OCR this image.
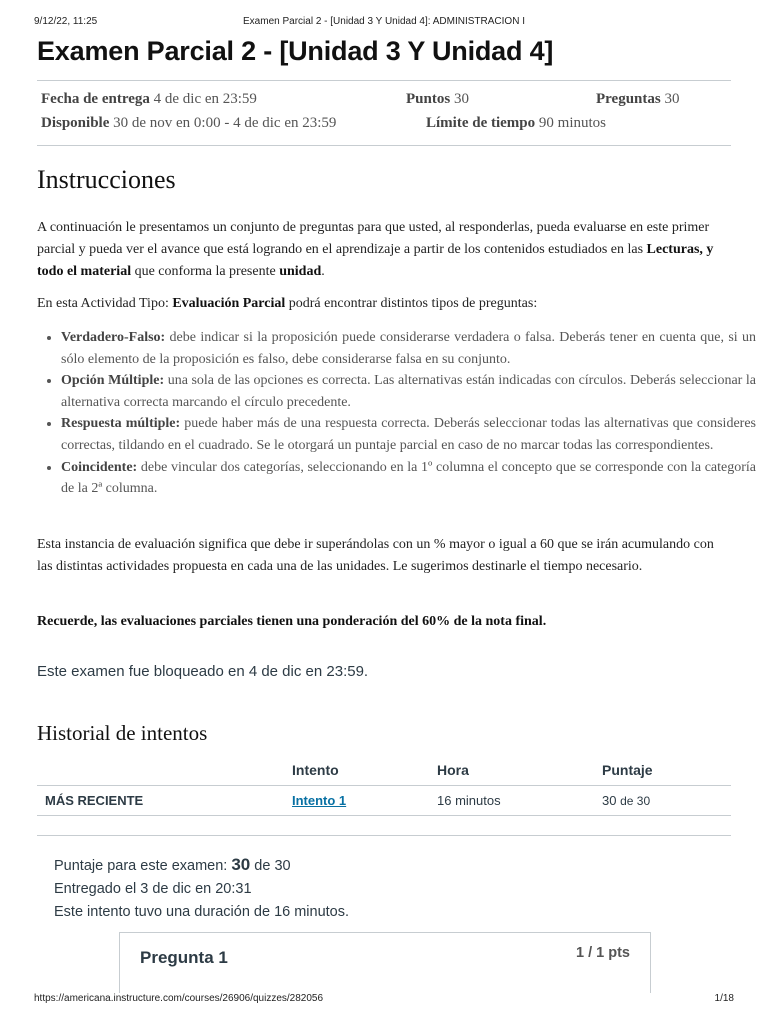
9/12/22, 11:25	Examen Parcial 2 - [Unidad 3 Y Unidad 4]: ADMINISTRACION I
Examen Parcial 2 - [Unidad 3 Y Unidad 4]
Fecha de entrega 4 de dic en 23:59	Puntos 30	Preguntas 30
Disponible 30 de nov en 0:00 - 4 de dic en 23:59	Límite de tiempo 90 minutos
Instrucciones

A continuación le presentamos un conjunto de preguntas para que usted, al responderlas, pueda evaluarse en este primer parcial y pueda ver el avance que está logrando en el aprendizaje a partir de los contenidos estudiados en las Lecturas, y todo el material que conforma la presente unidad.

En esta Actividad Tipo: Evaluación Parcial podrá encontrar distintos tipos de preguntas:

• Verdadero-Falso: debe indicar si la proposición puede considerarse verdadera o falsa. Deberás tener en cuenta que, si un sólo elemento de la proposición es falso, debe considerarse falsa en su conjunto.
• Opción Múltiple: una sola de las opciones es correcta. Las alternativas están indicadas con círculos. Deberás seleccionar la alternativa correcta marcando el círculo precedente.
• Respuesta múltiple: puede haber más de una respuesta correcta. Deberás seleccionar todas las alternativas que consideres correctas, tildando en el cuadrado. Se le otorgará un puntaje parcial en caso de no marcar todas las correspondientes.
• Coincidente: debe vincular dos categorías, seleccionando en la 1º columna el concepto que se corresponde con la categoría de la 2ª columna.

Esta instancia de evaluación significa que debe ir superándolas con un % mayor o igual a 60 que se irán acumulando con las distintas actividades propuesta en cada una de las unidades. Le sugerimos destinarle el tiempo necesario.

Recuerde, las evaluaciones parciales tienen una ponderación del 60% de la nota final.

Este examen fue bloqueado en 4 de dic en 23:59.
Historial de intentos
	Intento	Hora	Puntaje
MÁS RECIENTE	Intento 1	16 minutos	30 de 30
Puntaje para este examen: 30 de 30
Entregado el 3 de dic en 20:31
Este intento tuvo una duración de 16 minutos.
Pregunta 1	1 / 1 pts
https://americana.instructure.com/courses/26906/quizzes/282056	1/18
